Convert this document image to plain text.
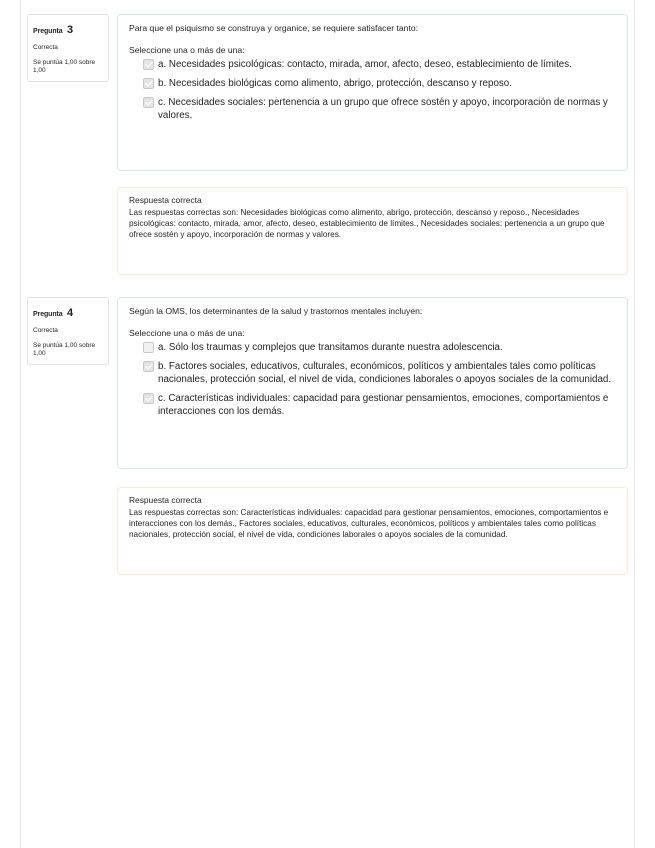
Pregunta 3
Correcta
Se puntúa 1,00 sobre 1,00
Para que el psiquismo se construya y organice, se requiere satisfacer tanto:
Seleccione una o más de una:
a. Necesidades psicológicas: contacto, mirada, amor, afecto, deseo, establecimiento de límites.
b. Necesidades biológicas como alimento, abrigo, protección, descanso y reposo.
c. Necesidades sociales: pertenencia a un grupo que ofrece sostén y apoyo, incorporación de normas y valores.
Respuesta correcta
Las respuestas correctas son: Necesidades biológicas como alimento, abrigo, protección, descanso y reposo., Necesidades psicológicas: contacto, mirada, amor, afecto, deseo, establecimiento de límites., Necesidades sociales: pertenencia a un grupo que ofrece sostén y apoyo, incorporación de normas y valores.
Pregunta 4
Correcta
Se puntúa 1,00 sobre 1,00
Según la OMS, los determinantes de la salud y trastornos mentales incluyen:
Seleccione una o más de una:
a. Sólo los traumas y complejos que transitamos durante nuestra adolescencia.
b. Factores sociales, educativos, culturales, económicos, políticos y ambientales tales como políticas nacionales, protección social, el nivel de vida, condiciones laborales o apoyos sociales de la comunidad.
c. Características individuales: capacidad para gestionar pensamientos, emociones, comportamientos e interacciones con los demás.
Respuesta correcta
Las respuestas correctas son: Características individuales: capacidad para gestionar pensamientos, emociones, comportamientos e interacciones con los demás., Factores sociales, educativos, culturales, económicos, políticos y ambientales tales como políticas nacionales, protección social, el nivel de vida, condiciones laborales o apoyos sociales de la comunidad.
